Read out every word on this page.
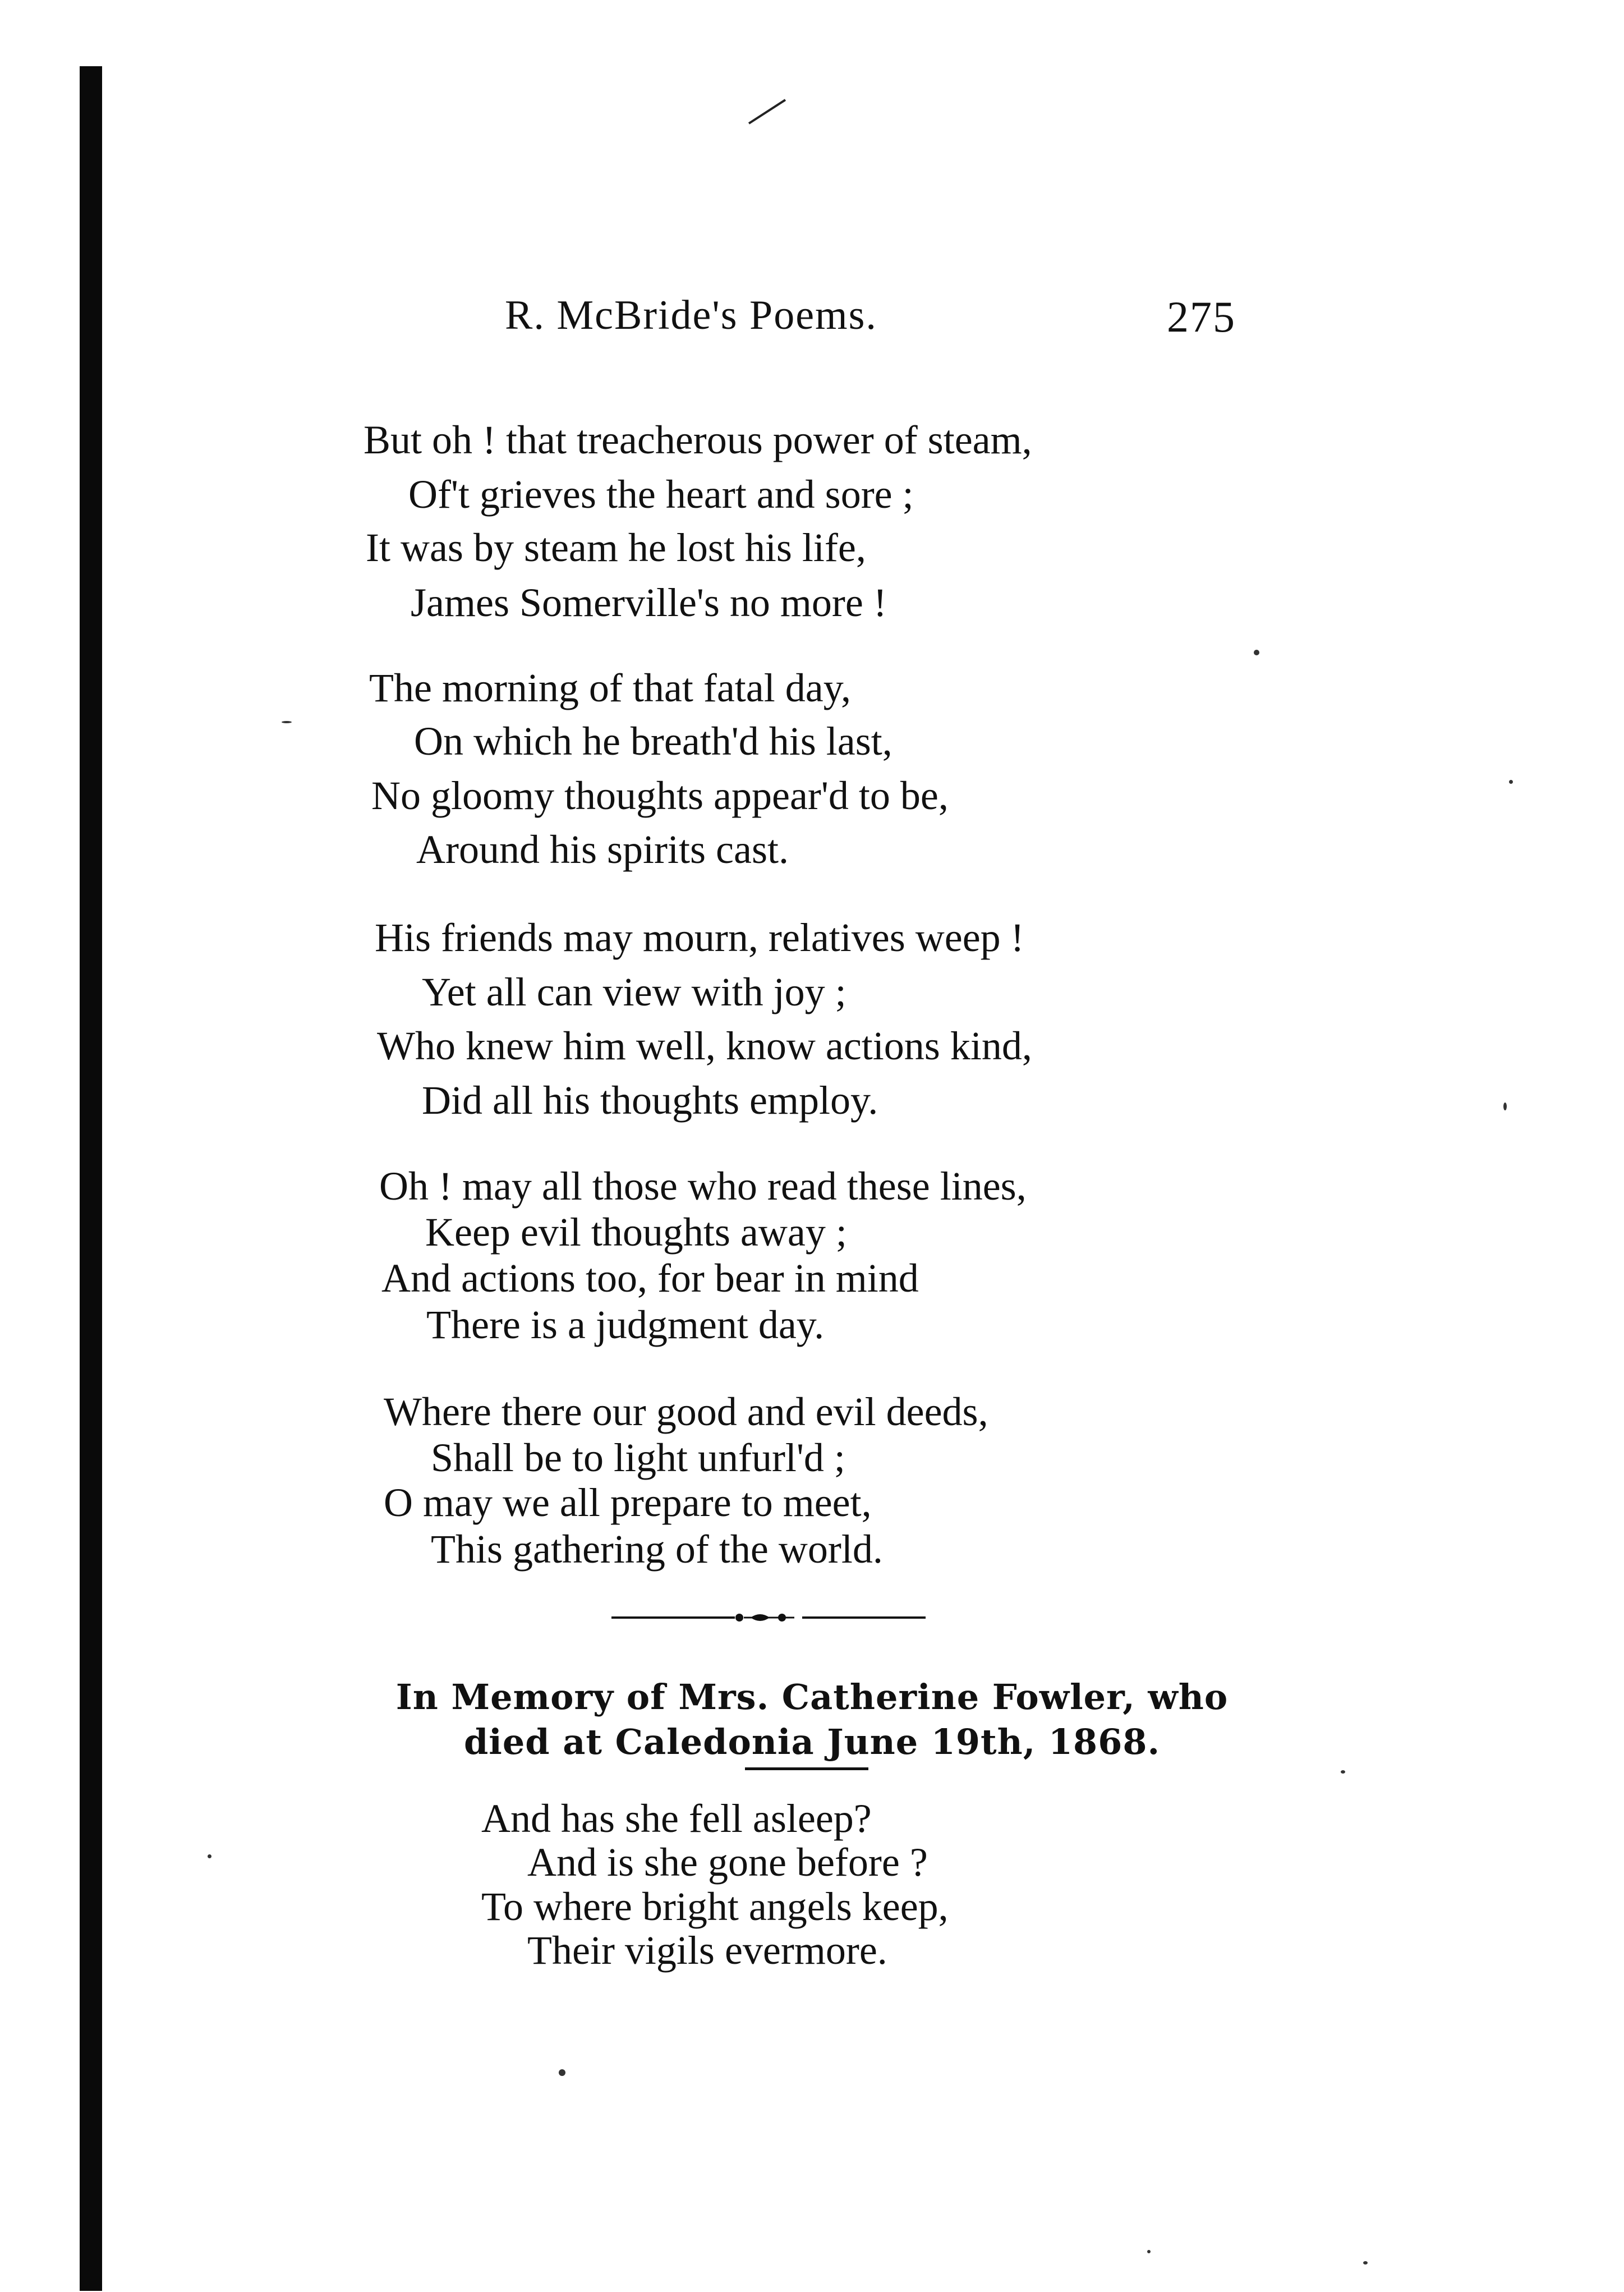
R. McBride's Poems.	275
But oh ! that treacherous power of steam,
Of't grieves the heart and sore ;
It was by steam he lost his life,
James Somerville's no more !
The morning of that fatal day,
On which he breath'd his last,
No gloomy thoughts appear'd to be,
Around his spirits cast.
His friends may mourn, relatives weep !
Yet all can view with joy ;
Who knew him well, know actions kind,
Did all his thoughts employ.
Oh ! may all those who read these lines,
Keep evil thoughts away ;
And actions too, for bear in mind
There is a judgment day.
Where there our good and evil deeds,
Shall be to light unfurl'd ;
O may we all prepare to meet,
This gathering of the world.
In Memory of Mrs. Catherine Fowler, who
died at Caledonia June 19th, 1868.
And has she fell asleep?
And is she gone before ?
To where bright angels keep,
Their vigils evermore.
